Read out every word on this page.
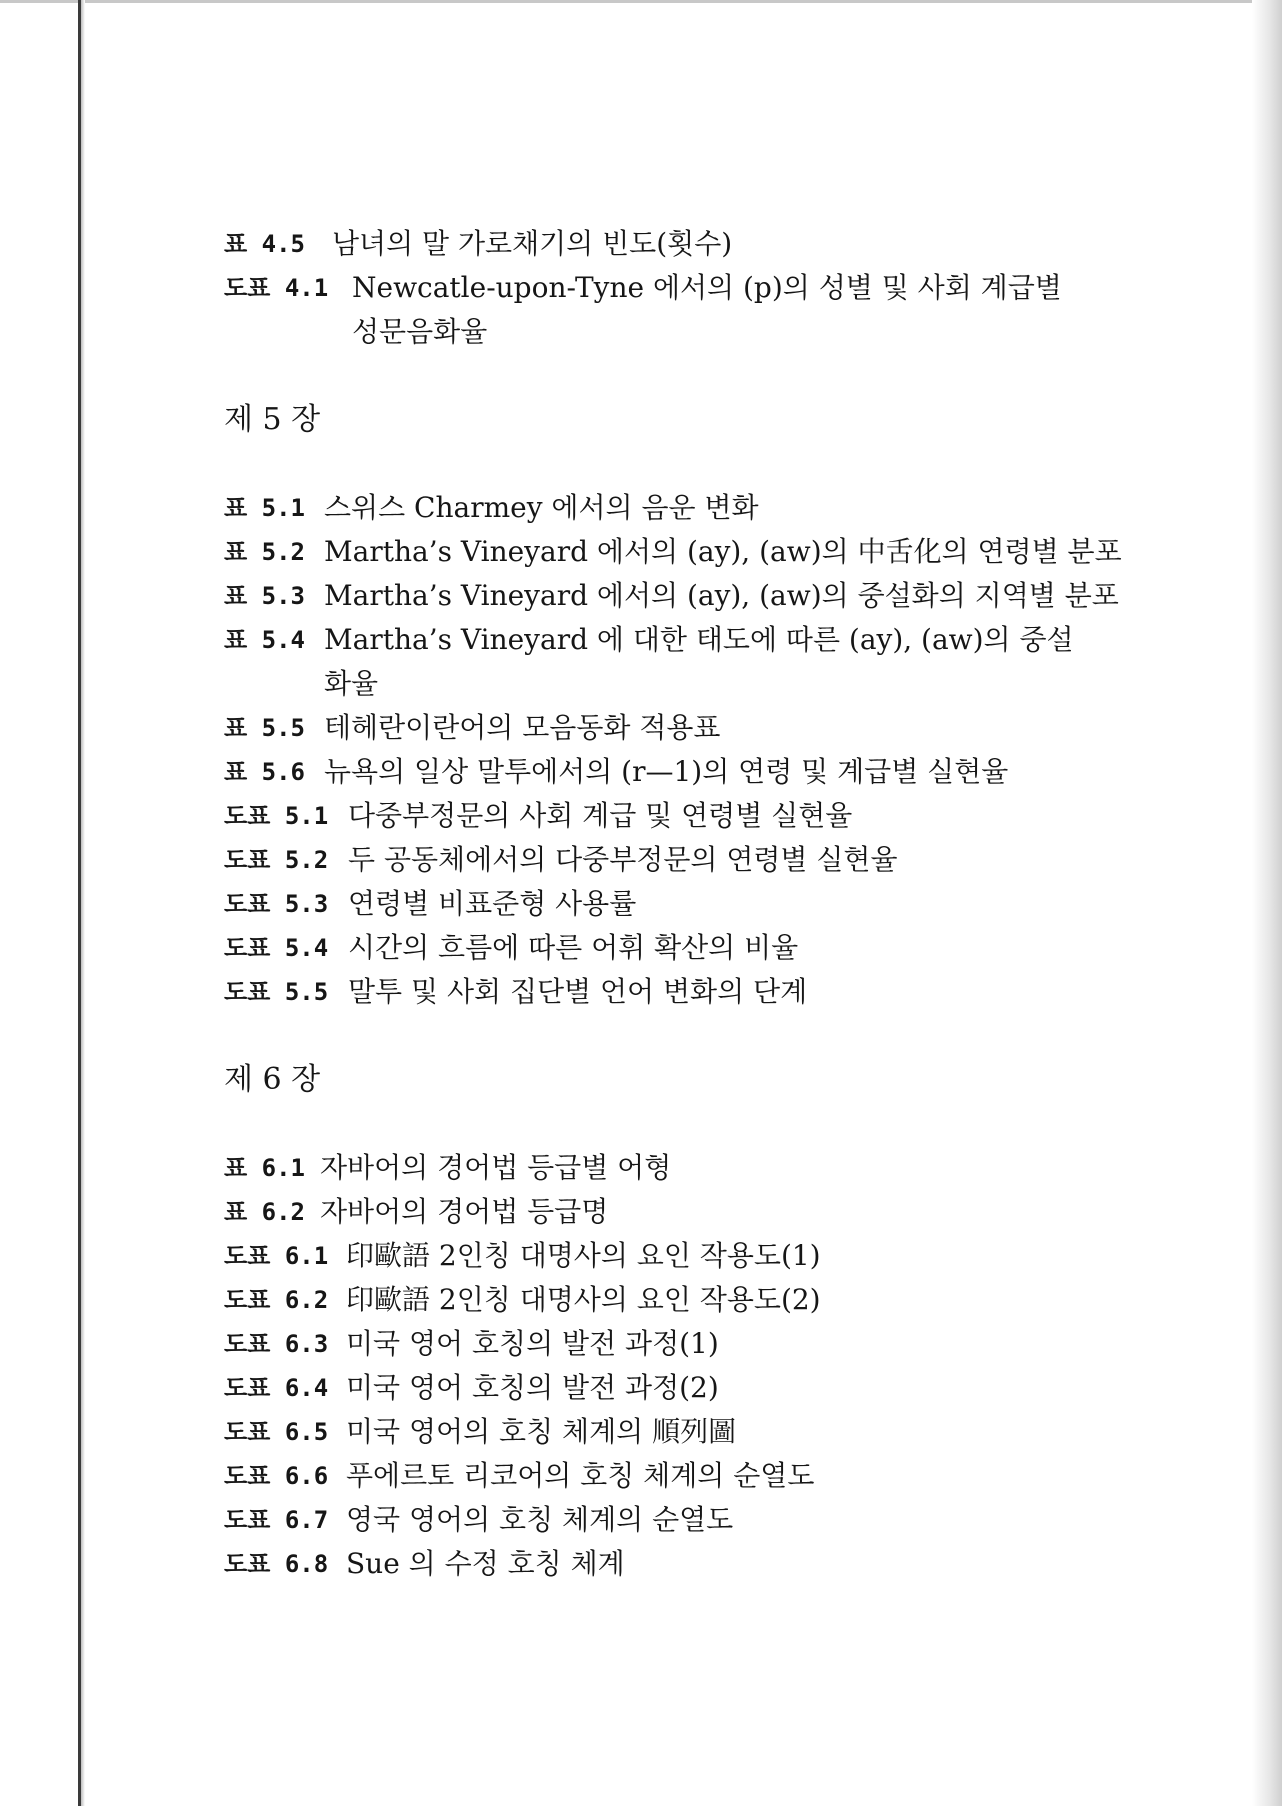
표 4.5 남녀의 말 가로채기의 빈도(횟수)
도표 4.1 Newcatle-upon-Tyne 에서의 (p)의 성별 및 사회 계급별
성문음화율
제 5 장
표 5.1 스위스 Charmey 에서의 음운 변화
표 5.2 Martha’s Vineyard 에서의 (ay), (aw)의 中舌化의 연령별 분포
표 5.3 Martha’s Vineyard 에서의 (ay), (aw)의 중설화의 지역별 분포
표 5.4 Martha’s Vineyard 에 대한 태도에 따른 (ay), (aw)의 중설
화율
표 5.5 테헤란이란어의 모음동화 적용표
표 5.6 뉴욕의 일상 말투에서의 (r—1)의 연령 및 계급별 실현율
도표 5.1 다중부정문의 사회 계급 및 연령별 실현율
도표 5.2 두 공동체에서의 다중부정문의 연령별 실현율
도표 5.3 연령별 비표준형 사용률
도표 5.4 시간의 흐름에 따른 어휘 확산의 비율
도표 5.5 말투 및 사회 집단별 언어 변화의 단계
제 6 장
표 6.1 자바어의 경어법 등급별 어형
표 6.2 자바어의 경어법 등급명
도표 6.1 印歐語 2인칭 대명사의 요인 작용도(1)
도표 6.2 印歐語 2인칭 대명사의 요인 작용도(2)
도표 6.3 미국 영어 호칭의 발전 과정(1)
도표 6.4 미국 영어 호칭의 발전 과정(2)
도표 6.5 미국 영어의 호칭 체계의 順列圖
도표 6.6 푸에르토 리코어의 호칭 체계의 순열도
도표 6.7 영국 영어의 호칭 체계의 순열도
도표 6.8 Sue 의 수정 호칭 체계
